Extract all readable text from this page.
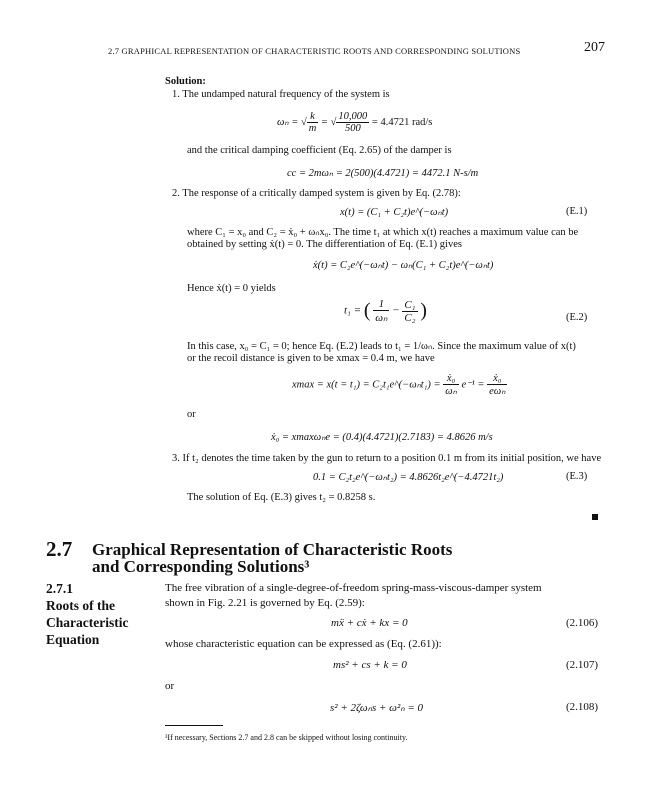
2.7 GRAPHICAL REPRESENTATION OF CHARACTERISTIC ROOTS AND CORRESPONDING SOLUTIONS	207
Solution:
1. The undamped natural frequency of the system is
ωₙ = √ $\frac{k}{m}$ = √ $\frac{10,000}{500} = 4.4721$ rad/s
and the critical damping coefficient (Eq. 2.65) of the damper is
cc = 2mωₙ = 2(500)(4.4721) = 4472.1 N-s/m
2. The response of a critically damped system is given by Eq. (2.78):
x(t) = (C₁ + C₂t)e^(−ωₙt)	(E.1)
where C₁ = x₀ and C₂ = ẋ₀ + ωₙx₀. The time t₁ at which x(t) reaches a maximum value can be
obtained by setting ẋ(t) = 0. The differentiation of Eq. (E.1) gives
ẋ(t) = C₂e^(−ωₙt) − ωₙ(C₁ + C₂t)e^(−ωₙt)
Hence ẋ(t) = 0 yields
t₁ = ( $\frac{1}{\text{ωₙ}} - \frac{\text{C₁}}{\text{C₂}}$ )	(E.2)
In this case, x₀ = C₁ = 0; hence Eq. (E.2) leads to t₁ = 1/ωₙ. Since the maximum value of x(t)
or the recoil distance is given to be xmax = 0.4 m, we have
xmax = x(t = t₁) = C₂t₁e^(−ωₙt₁) = $\frac{\text{ẋ₀}}{\text{ωₙ}} e^{-1} = \frac{\text{ẋ₀}}{\text{eωₙ}}$
or
ẋ₀ = xmaxωₙe = (0.4)(4.4721)(2.7183) = 4.8626 m/s
3. If t₂ denotes the time taken by the gun to return to a position 0.1 m from its initial position, we have
0.1 = C₂t₂e^(−ωₙt₂) = 4.8626t₂e^(−4.4721t₂)	(E.3)
The solution of Eq. (E.3) gives t₂ = 0.8258 s.
2.7 Graphical Representation of Characteristic Roots
and Corresponding Solutions³
2.7.1
Roots of the
Characteristic
Equation
The free vibration of a single-degree-of-freedom spring-mass-viscous-damper system
shown in Fig. 2.21 is governed by Eq. (2.59):
mẍ + cẋ + kx = 0	(2.106)
whose characteristic equation can be expressed as (Eq. (2.61)):
ms² + cs + k = 0	(2.107)
or
s² + 2ζωₙs + ω²ₙ = 0	(2.108)
³If necessary, Sections 2.7 and 2.8 can be skipped without losing continuity.
